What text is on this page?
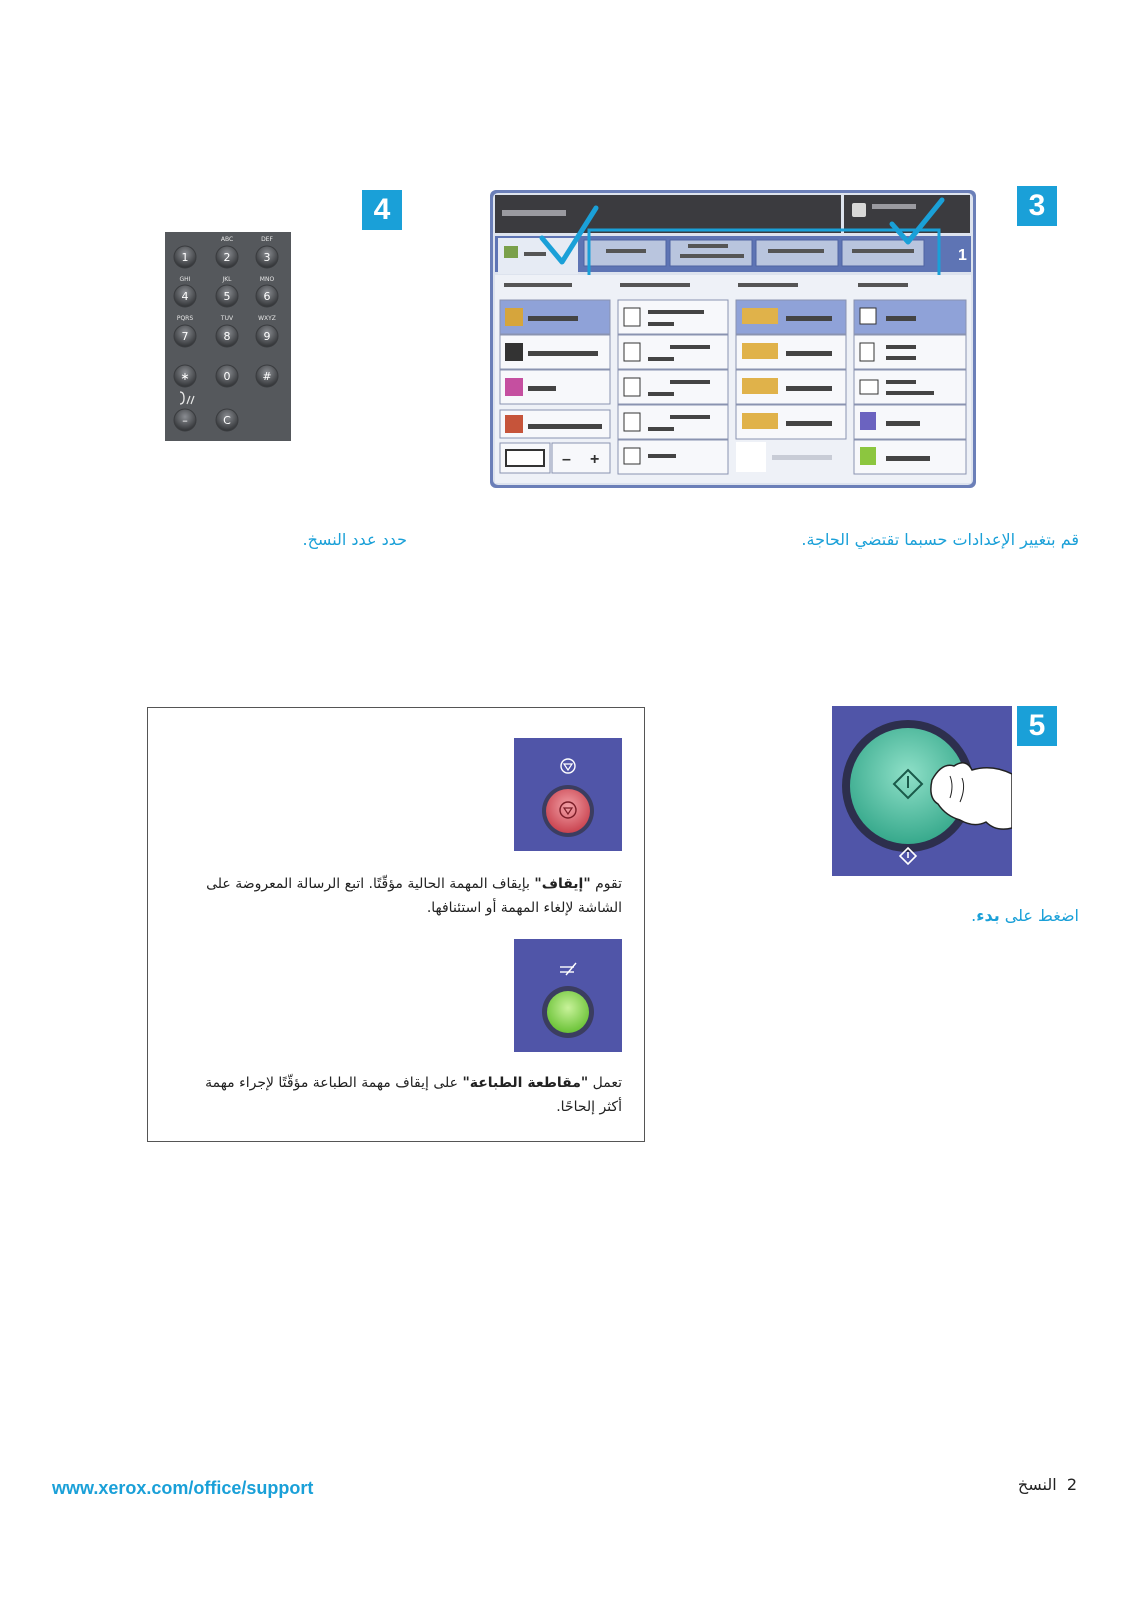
3
1
– +
قم بتغيير الإعدادات حسبما تقتضي الحاجة.
4
ABC	DEF
1	2	3
GHI	JKL	MNO
4	5	6
PQRS	TUV	WXYZ
7	8	9
∗	0	#
–	C
حدد عدد النسخ.
5
اضغط على بدء.
تقوم "إيقاف" بإيقاف المهمة الحالية مؤقّتًا. اتبع الرسالة المعروضة على الشاشة لإلغاء المهمة أو استئنافها.
تعمل "مقاطعة الطباعة" على إيقاف مهمة الطباعة مؤقّتًا لإجراء مهمة أكثر إلحاحًا.
www.xerox.com/office/support	2  النسخ
